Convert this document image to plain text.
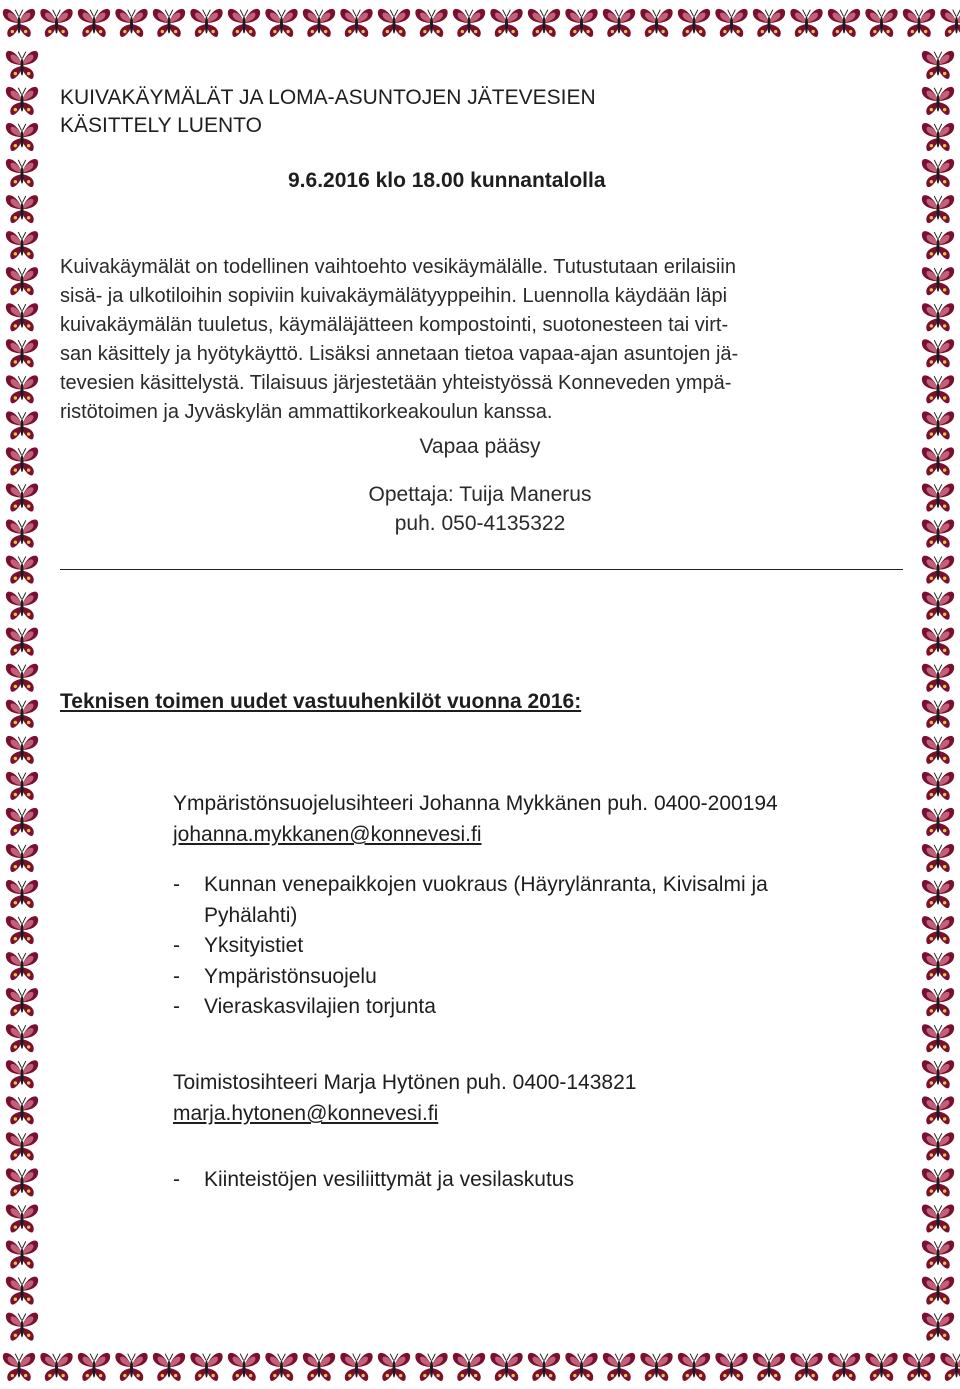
KUIVAKÄYMÄLÄT JA LOMA-ASUNTOJEN JÄTEVESIEN
KÄSITTELY LUENTO
9.6.2016 klo 18.00 kunnantalolla
Kuivakäymälät on todellinen vaihtoehto vesikäymälälle. Tutustutaan erilaisiin
sisä- ja ulkotiloihin sopiviin kuivakäymälätyyppeihin. Luennolla käydään läpi
kuivakäymälän tuuletus, käymäläjätteen kompostointi, suotonesteen tai virt-
san käsittely ja hyötykäyttö. Lisäksi annetaan tietoa vapaa-ajan asuntojen jä-
tevesien käsittelystä. Tilaisuus järjestetään yhteistyössä Konneveden ympä-
ristötoimen ja Jyväskylän ammattikorkeakoulun kanssa.
Vapaa pääsy
Opettaja: Tuija Manerus
puh. 050-4135322
Teknisen toimen uudet vastuuhenkilöt vuonna 2016:
Ympäristönsuojelusihteeri Johanna Mykkänen puh. 0400-200194
johanna.mykkanen@konnevesi.fi
- Kunnan venepaikkojen vuokraus (Häyrylänranta, Kivisalmi ja
Pyhälahti)
- Yksityistiet
- Ympäristönsuojelu
- Vieraskasvilajien torjunta
Toimistosihteeri Marja Hytönen puh. 0400-143821
marja.hytonen@konnevesi.fi
- Kiinteistöjen vesiliittymät ja vesilaskutus
